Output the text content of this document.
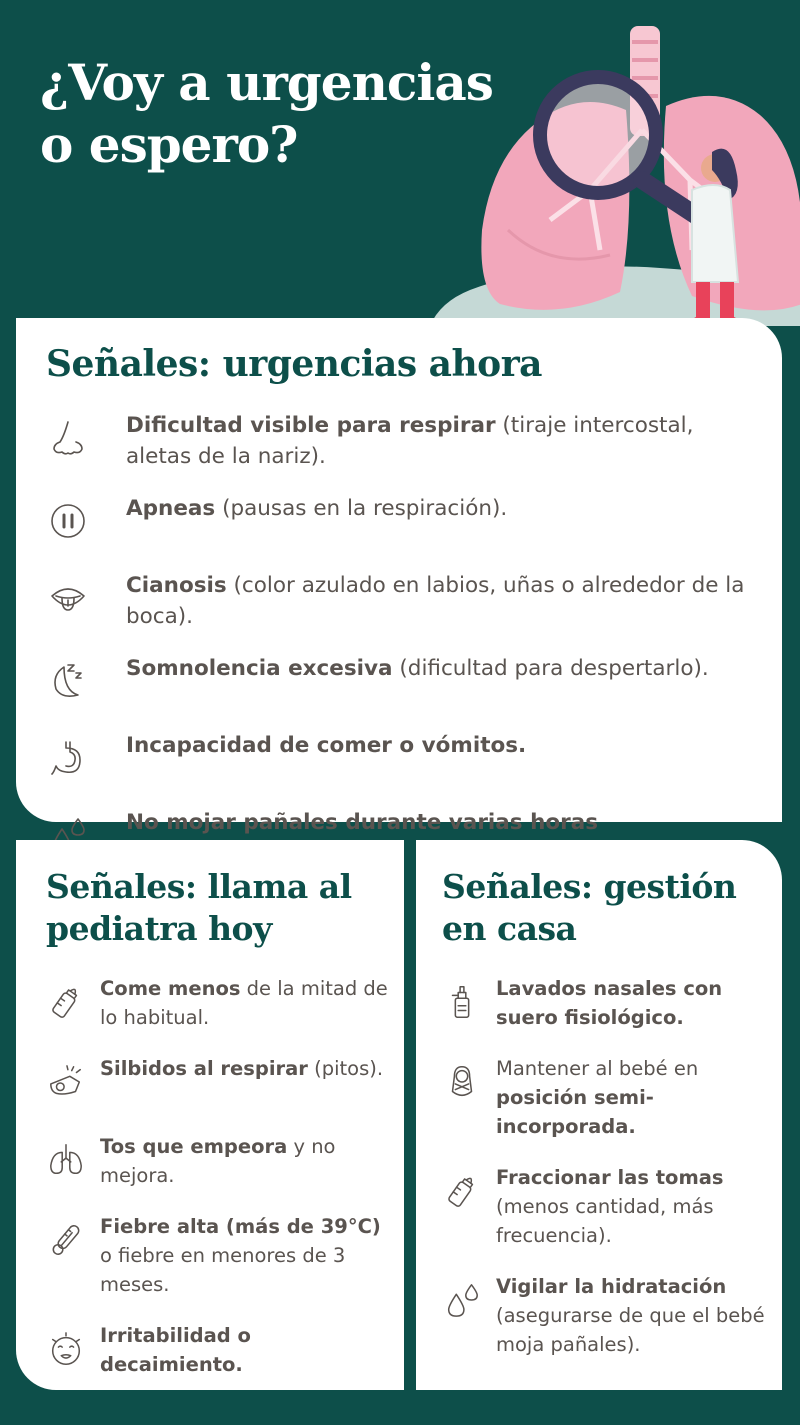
¿Voy a urgencias
o espero?
Señales: urgencias ahora
Dificultad visible para respirar (tiraje intercostal, aletas de la nariz).
Apneas (pausas en la respiración).
Cianosis (color azulado en labios, uñas o alrededor de la boca).
Somnolencia excesiva (dificultad para despertarlo).
Incapacidad de comer o vómitos.
No mojar pañales durante varias horas
Señales: llama al
pediatra hoy
Come menos de la mitad de lo habitual.
Silbidos al respirar (pitos).
Tos que empeora y no mejora.
Fiebre alta (más de 39°C) o fiebre en menores de 3 meses.
Irritabilidad o decaimiento.
Señales: gestión
en casa
Lavados nasales con suero fisiológico.
Mantener al bebé en posición semi-incorporada.
Fraccionar las tomas (menos cantidad, más frecuencia).
Vigilar la hidratación (asegurarse de que el bebé moja pañales).
